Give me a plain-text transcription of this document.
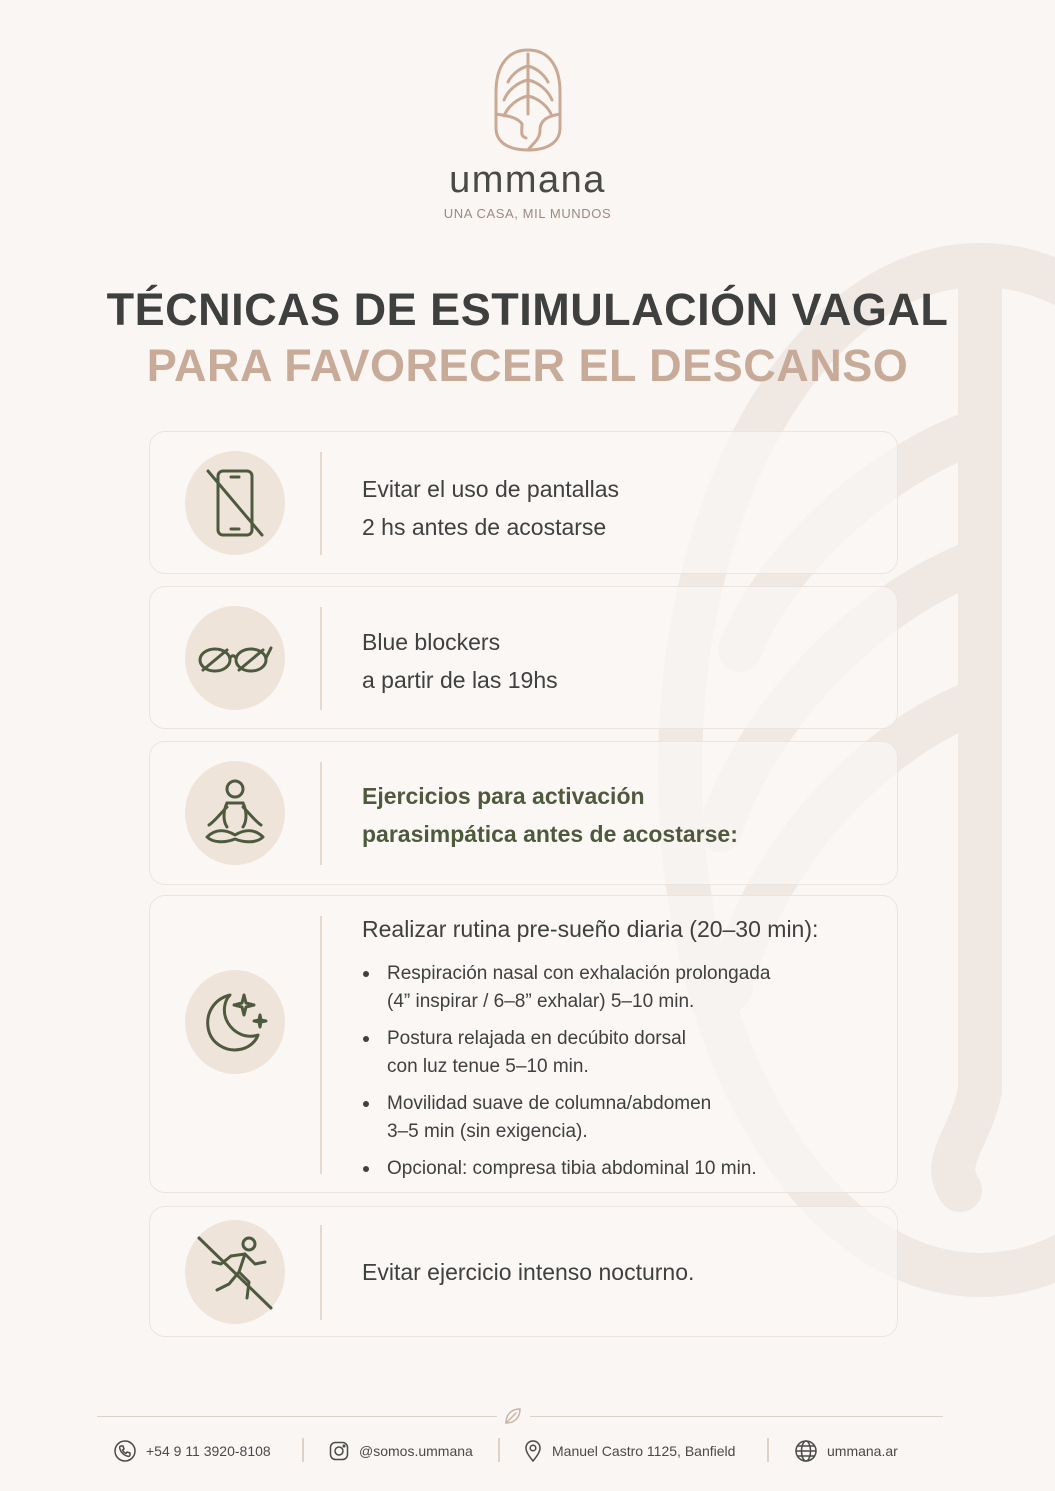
ummana
UNA CASA, MIL MUNDOS
TÉCNICAS DE ESTIMULACIÓN VAGAL
PARA FAVORECER EL DESCANSO
Evitar el uso de pantallas
2 hs antes de acostarse
Blue blockers
a partir de las 19hs
Ejercicios para activación
parasimpática antes de acostarse:
Realizar rutina pre-sueño diaria (20–30 min):
Respiración nasal con exhalación prolongada
(4” inspirar / 6–8” exhalar) 5–10 min.
Postura relajada en decúbito dorsal
con luz tenue 5–10 min.
Movilidad suave de columna/abdomen
3–5 min (sin exigencia).
Opcional: compresa tibia abdominal 10 min.
Evitar ejercicio intenso nocturno.
+54 9 11 3920-8108	@somos.ummana	Manuel Castro 1125, Banfield	ummana.ar
